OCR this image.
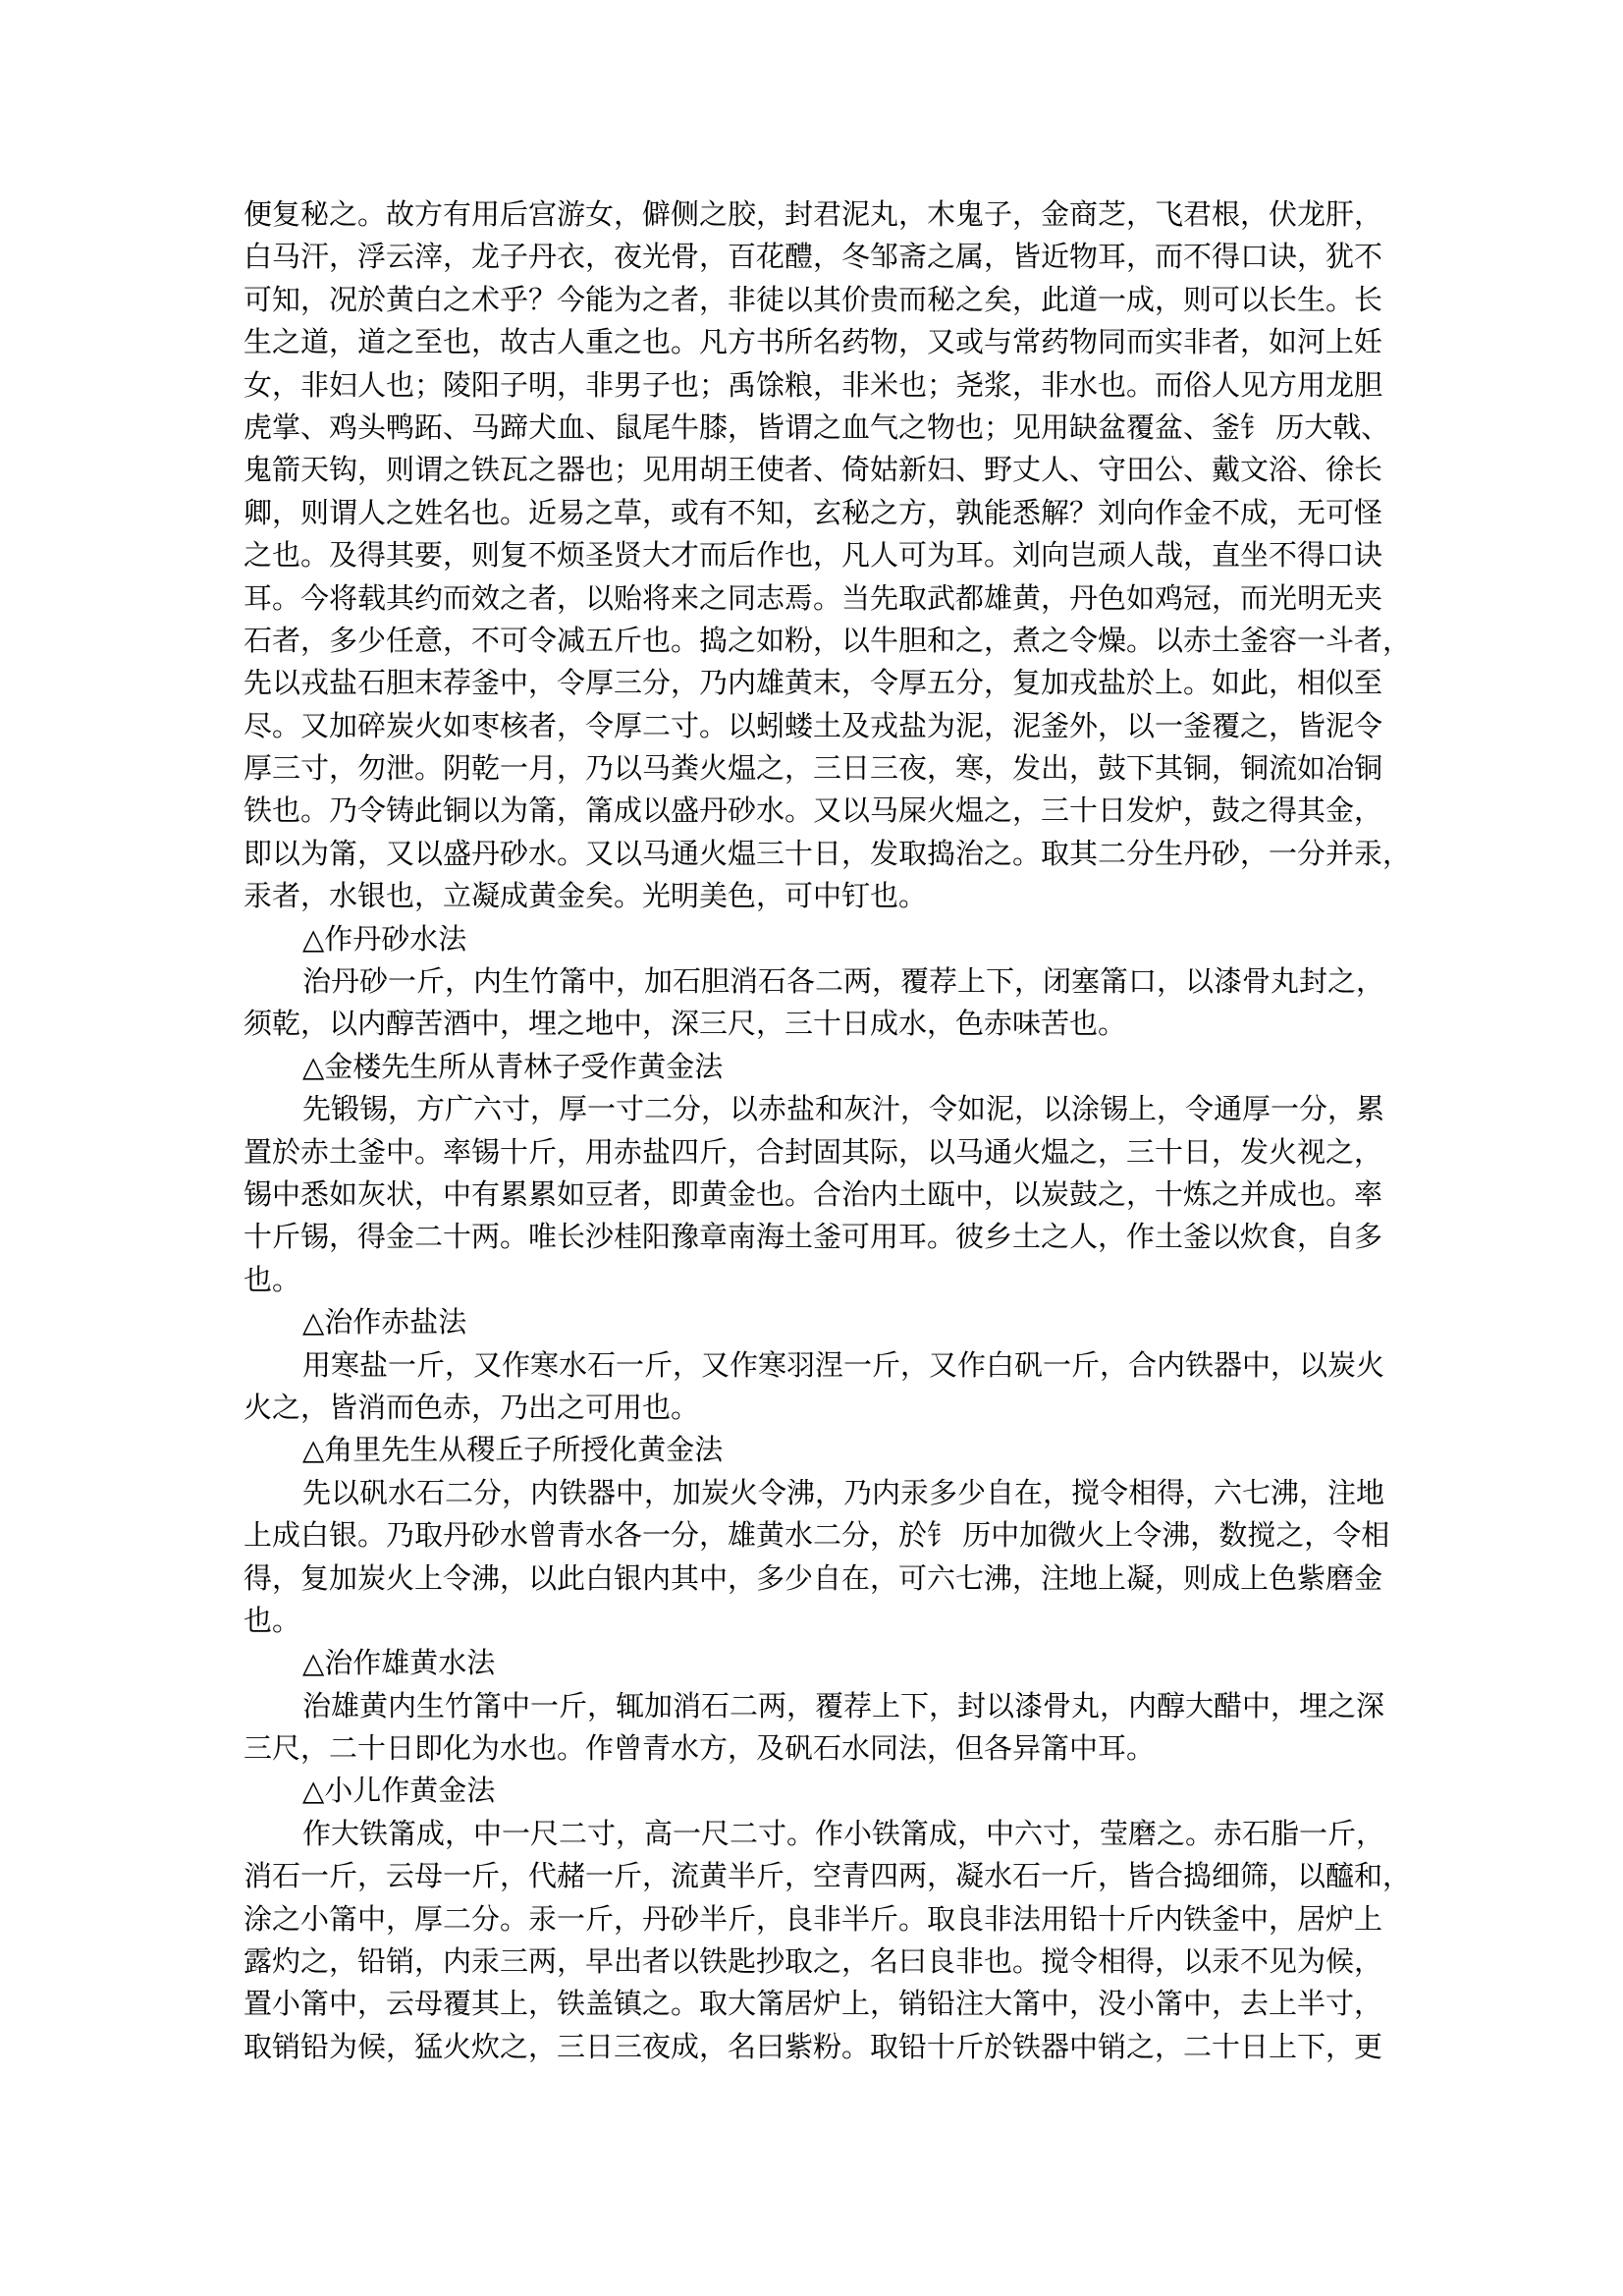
便复秘之。故方有用后宫游女，僻侧之胶，封君泥丸，木鬼子，金商芝，飞君根，伏龙肝，
白马汗，浮云滓，龙子丹衣，夜光骨，百花醴，冬邹斋之属，皆近物耳，而不得口诀，犹不
可知，况於黄白之术乎？今能为之者，非徒以其价贵而秘之矣，此道一成，则可以长生。长
生之道，道之至也，故古人重之也。凡方书所名药物，又或与常药物同而实非者，如河上妊
女，非妇人也；陵阳子明，非男子也；禹馀粮，非米也；尧浆，非水也。而俗人见方用龙胆
虎掌、鸡头鸭跖、马蹄犬血、鼠尾牛膝，皆谓之血气之物也；见用缺盆覆盆、釜钅 历大戟、
鬼箭天钩，则谓之铁瓦之器也；见用胡王使者、倚姑新妇、野丈人、守田公、戴文浴、徐长
卿，则谓人之姓名也。近易之草，或有不知，玄秘之方，孰能悉解？刘向作金不成，无可怪
之也。及得其要，则复不烦圣贤大才而后作也，凡人可为耳。刘向岂顽人哉，直坐不得口诀
耳。今将载其约而效之者，以贻将来之同志焉。当先取武都雄黄，丹色如鸡冠，而光明无夹
石者，多少任意，不可令减五斤也。捣之如粉，以牛胆和之，煮之令燥。以赤土釜容一斗者，
先以戎盐石胆末荐釜中，令厚三分，乃内雄黄末，令厚五分，复加戎盐於上。如此，相似至
尽。又加碎炭火如枣核者，令厚二寸。以蚓蝼土及戎盐为泥，泥釜外，以一釜覆之，皆泥令
厚三寸，勿泄。阴乾一月，乃以马粪火煴之，三日三夜，寒，发出，鼓下其铜，铜流如冶铜
铁也。乃令铸此铜以为筩，筩成以盛丹砂水。又以马屎火煴之，三十日发炉，鼓之得其金，
即以为筩，又以盛丹砂水。又以马通火煴三十日，发取捣治之。取其二分生丹砂，一分并汞，
汞者，水银也，立凝成黄金矣。光明美色，可中钉也。
△作丹砂水法
治丹砂一斤，内生竹筩中，加石胆消石各二两，覆荐上下，闭塞筩口，以漆骨丸封之，
须乾，以内醇苦酒中，埋之地中，深三尺，三十日成水，色赤味苦也。
△金楼先生所从青林子受作黄金法
先锻锡，方广六寸，厚一寸二分，以赤盐和灰汁，令如泥，以涂锡上，令通厚一分，累
置於赤土釜中。率锡十斤，用赤盐四斤，合封固其际，以马通火煴之，三十日，发火视之，
锡中悉如灰状，中有累累如豆者，即黄金也。合治内土瓯中，以炭鼓之，十炼之并成也。率
十斤锡，得金二十两。唯长沙桂阳豫章南海土釜可用耳。彼乡土之人，作土釜以炊食，自多
也。
△治作赤盐法
用寒盐一斤，又作寒水石一斤，又作寒羽涅一斤，又作白矾一斤，合内铁器中，以炭火
火之，皆消而色赤，乃出之可用也。
△角里先生从稷丘子所授化黄金法
先以矾水石二分，内铁器中，加炭火令沸，乃内汞多少自在，搅令相得，六七沸，注地
上成白银。乃取丹砂水曾青水各一分，雄黄水二分，於钅 历中加微火上令沸，数搅之，令相
得，复加炭火上令沸，以此白银内其中，多少自在，可六七沸，注地上凝，则成上色紫磨金
也。
△治作雄黄水法
治雄黄内生竹筩中一斤，辄加消石二两，覆荐上下，封以漆骨丸，内醇大醋中，埋之深
三尺，二十日即化为水也。作曾青水方，及矾石水同法，但各异筩中耳。
△小儿作黄金法
作大铁筩成，中一尺二寸，高一尺二寸。作小铁筩成，中六寸，莹磨之。赤石脂一斤，
消石一斤，云母一斤，代赭一斤，流黄半斤，空青四两，凝水石一斤，皆合捣细筛，以醯和，
涂之小筩中，厚二分。汞一斤，丹砂半斤，良非半斤。取良非法用铅十斤内铁釜中，居炉上
露灼之，铅销，内汞三两，早出者以铁匙抄取之，名曰良非也。搅令相得，以汞不见为候，
置小筩中，云母覆其上，铁盖镇之。取大筩居炉上，销铅注大筩中，没小筩中，去上半寸，
取销铅为候，猛火炊之，三日三夜成，名曰紫粉。取铅十斤於铁器中销之，二十日上下，更
